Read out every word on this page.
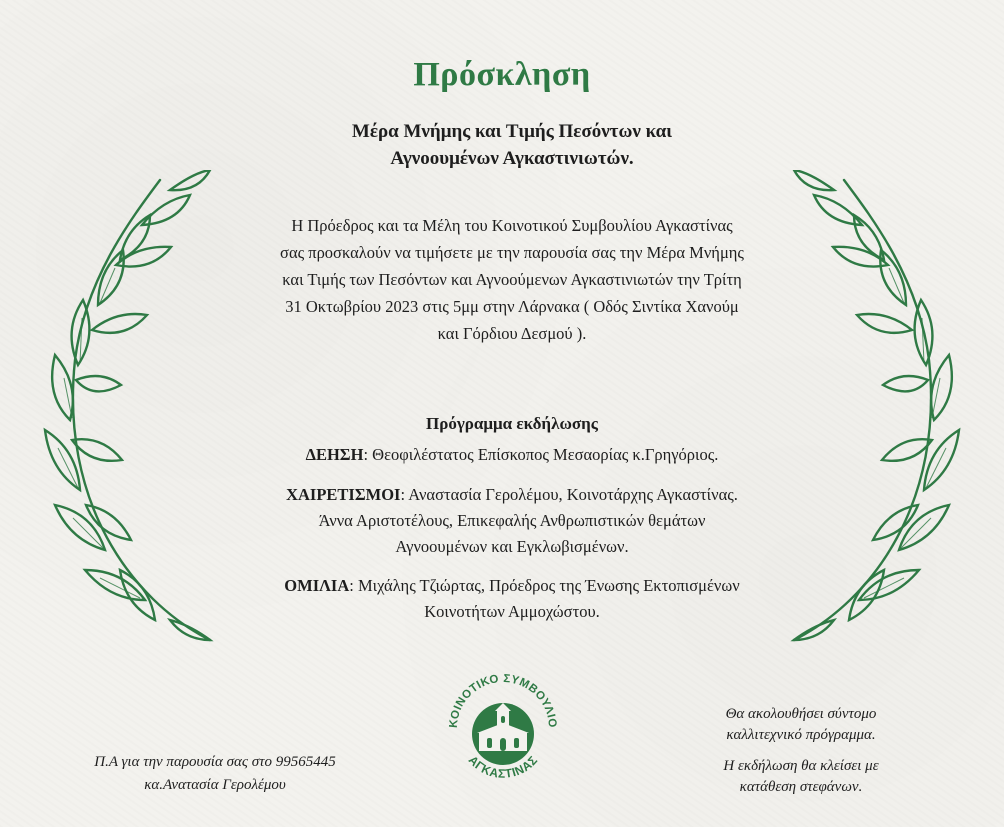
Πρόσκληση
Μέρα Μνήμης και Τιμής Πεσόντων και
Αγνοουμένων Αγκαστινιωτών.
Η Πρόεδρος και τα Μέλη του Κοινοτικού Συμβουλίου Αγκαστίνας
σας προσκαλούν να τιμήσετε με την παρουσία σας την Μέρα Μνήμης
και Τιμής των Πεσόντων και Αγνοούμενων Αγκαστινιωτών την Τρίτη
31 Οκτωβρίου 2023 στις 5μμ στην Λάρνακα ( Οδός Σιντίκα Χανούμ
και Γόρδιου Δεσμού ).
Πρόγραμμα εκδήλωσης
ΔΕΗΣΗ: Θεοφιλέστατος Επίσκοπος Μεσαορίας κ.Γρηγόριος.
ΧΑΙΡΕΤΙΣΜΟΙ: Αναστασία Γερολέμου, Κοινοτάρχης Αγκαστίνας.
Άννα Αριστοτέλους, Επικεφαλής Ανθρωπιστικών θεμάτων
Αγνοουμένων και Εγκλωβισμένων.
ΟΜΙΛΙΑ: Μιχάλης Τζιώρτας, Πρόεδρος της Ένωσης Εκτοπισμένων
Κοινοτήτων Αμμοχώστου.
ΚΟΙΝΟΤΙΚΟ ΣΥΜΒΟΥΛΙΟ
ΑΓΚΑΣΤΙΝΑΣ
Π.Α για την παρουσία σας στο 99565445
κα.Ανατασία Γερολέμου
Θα ακολουθήσει σύντομο
καλλιτεχνικό πρόγραμμα.
Η εκδήλωση θα κλείσει με
κατάθεση στεφάνων.
